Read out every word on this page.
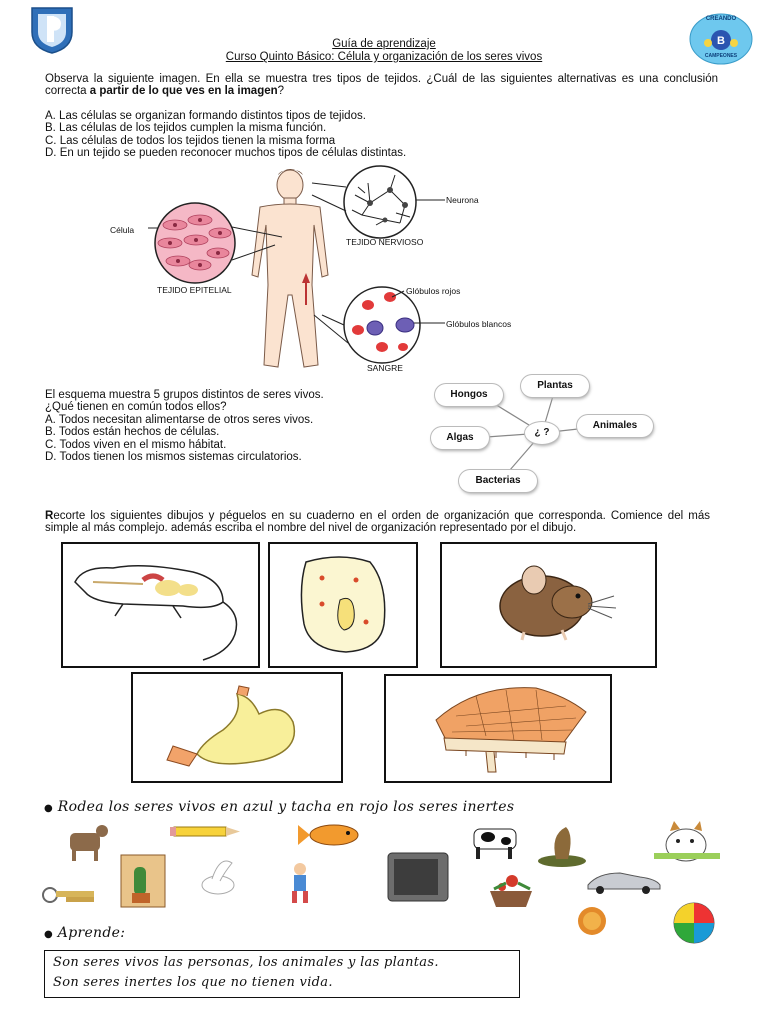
B
CREANDO
CAMPEONES
Guía de aprendizaje
Curso Quinto Básico: Célula y organización de los seres vivos
Observa la siguiente imagen. En ella se muestra tres tipos de tejidos. ¿Cuál de las siguientes alternativas es una conclusión correcta a partir de lo que ves en la imagen?

A. Las células se organizan formando distintos tipos de tejidos.

B. Las células de los tejidos cumplen la misma función.

C. Las células de todos los tejidos tienen la misma forma

D. En un tejido se pueden reconocer muchos tipos de células distintas.

Célula
TEJIDO EPITELIAL
Neurona
TEJIDO NERVIOSO
Glóbulos rojos
Glóbulos blancos
SANGRE

El esquema muestra 5 grupos distintos de seres vivos.

¿Qué tienen en común todos ellos?

A. Todos necesitan alimentarse de otros seres vivos.

B. Todos están hechos de células.

C. Todos viven en el mismo hábitat.

D. Todos tienen los mismos sistemas circulatorios.

Hongos
Plantas
Animales
Algas
Bacterias
¿ ?
Recorte los siguientes dibujos y péguelos en su cuaderno en el orden de organización que corresponda. Comience del más simple al más complejo. además escriba el nombre del nivel de organización representado por el dibujo.
● Rodea los seres vivos en azul y tacha en rojo los seres inertes
● Aprende:

Son seres vivos las personas, los animales y las plantas.

Son seres inertes los que no tienen vida.
